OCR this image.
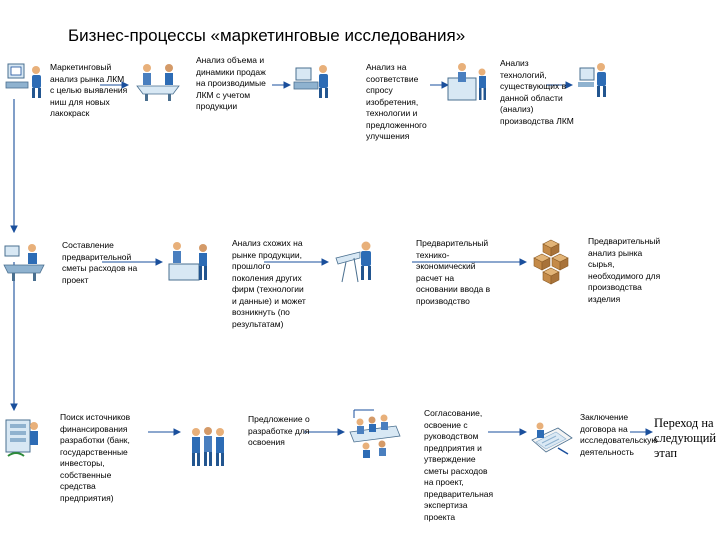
Бизнес-процессы «маркетинговые исследования»
Маркетинговый анализ рынка ЛКМ с целью выявления ниш для новых лакокраск
Анализ объема и динамики продаж на производимые ЛКМ с учетом продукции
Анализ на соответствие спросу изобретения, технологии и предложенного улучшения
Анализ технологий, существующих в данной области (анализ) производства ЛКМ
Составление предварительной сметы расходов на проект
Анализ схожих на рынке продукции, прошлого поколения других фирм (технологии и данные) и может возникнуть (по результатам)
Предварительный технико-экономический расчет на основании ввода в производство
Предварительный анализ рынка сырья, необходимого для производства изделия
Поиск источников финансирования разработки (банк, государственные инвесторы, собственные средства предприятия)
Предложение о разработке для освоения
Согласование, освоение с руководством предприятия и утверждение сметы расходов на проект, предварительная экспертиза проекта
Заключение договора на исследовательскую деятельность
Переход на следующий этап
